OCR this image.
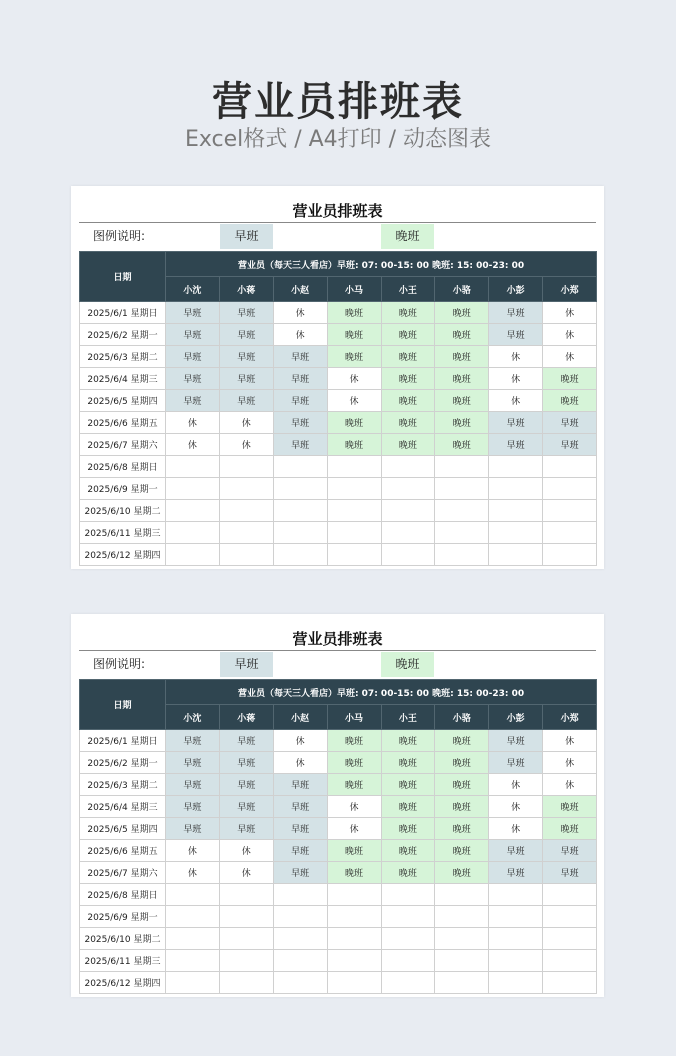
营业员排班表
Excel格式 / A4打印 / 动态图表
营业员排班表
图例说明:	早班	晚班
日期	营业员（每天三人看店）早班: 07: 00-15: 00 晚班: 15: 00-23: 00							
	小沈	小蒋	小赵	小马	小王	小骆	小彭	小郑
2025/6/1 星期日	早班	早班	休	晚班	晚班	晚班	早班	休
2025/6/2 星期一	早班	早班	休	晚班	晚班	晚班	早班	休
2025/6/3 星期二	早班	早班	早班	晚班	晚班	晚班	休	休
2025/6/4 星期三	早班	早班	早班	休	晚班	晚班	休	晚班
2025/6/5 星期四	早班	早班	早班	休	晚班	晚班	休	晚班
2025/6/6 星期五	休	休	早班	晚班	晚班	晚班	早班	早班
2025/6/7 星期六	休	休	早班	晚班	晚班	晚班	早班	早班
2025/6/8 星期日								
2025/6/9 星期一								
2025/6/10 星期二								
2025/6/11 星期三								
2025/6/12 星期四								
营业员排班表
图例说明:	早班	晚班
日期	营业员（每天三人看店）早班: 07: 00-15: 00 晚班: 15: 00-23: 00							
	小沈	小蒋	小赵	小马	小王	小骆	小彭	小郑
2025/6/1 星期日	早班	早班	休	晚班	晚班	晚班	早班	休
2025/6/2 星期一	早班	早班	休	晚班	晚班	晚班	早班	休
2025/6/3 星期二	早班	早班	早班	晚班	晚班	晚班	休	休
2025/6/4 星期三	早班	早班	早班	休	晚班	晚班	休	晚班
2025/6/5 星期四	早班	早班	早班	休	晚班	晚班	休	晚班
2025/6/6 星期五	休	休	早班	晚班	晚班	晚班	早班	早班
2025/6/7 星期六	休	休	早班	晚班	晚班	晚班	早班	早班
2025/6/8 星期日								
2025/6/9 星期一								
2025/6/10 星期二								
2025/6/11 星期三								
2025/6/12 星期四								
